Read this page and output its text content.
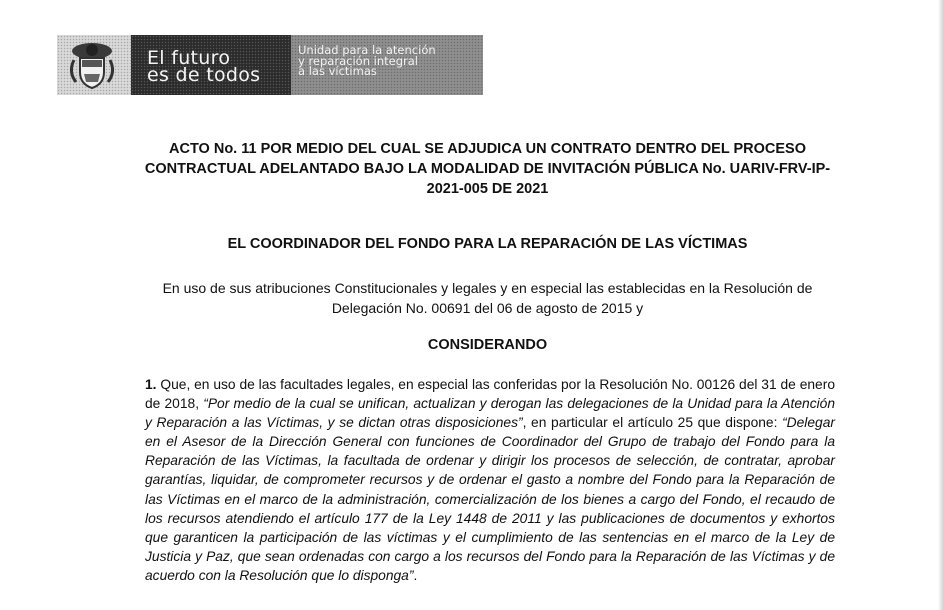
El futuro
es de todos
Unidad para la atención
y reparación integral
a las víctimas
ACTO No. 11 POR MEDIO DEL CUAL SE ADJUDICA UN CONTRATO DENTRO DEL PROCESO
CONTRACTUAL ADELANTADO BAJO LA MODALIDAD DE INVITACIÓN PÚBLICA No. UARIV-FRV-IP-
2021-005 DE 2021
EL COORDINADOR DEL FONDO PARA LA REPARACIÓN DE LAS VÍCTIMAS
En uso de sus atribuciones Constitucionales y legales y en especial las establecidas en la Resolución de
Delegación No. 00691 del 06 de agosto de 2015 y
CONSIDERANDO
1. Que, en uso de las facultades legales, en especial las conferidas por la Resolución No. 00126 del 31 de enero de 2018, “Por medio de la cual se unifican, actualizan y derogan las delegaciones de la Unidad para la Atención y Reparación a las Víctimas, y se dictan otras disposiciones”, en particular el artículo 25 que dispone: “Delegar en el Asesor de la Dirección General con funciones de Coordinador del Grupo de trabajo del Fondo para la Reparación de las Víctimas, la facultada de ordenar y dirigir los procesos de selección, de contratar, aprobar garantías, liquidar, de comprometer recursos y de ordenar el gasto a nombre del Fondo para la Reparación de las Víctimas en el marco de la administración, comercialización de los bienes a cargo del Fondo, el recaudo de los recursos atendiendo el artículo 177 de la Ley 1448 de 2011 y las publicaciones de documentos y exhortos que garanticen la participación de las víctimas y el cumplimiento de las sentencias en el marco de la Ley de Justicia y Paz, que sean ordenadas con cargo a los recursos del Fondo para la Reparación de las Víctimas y de acuerdo con la Resolución que lo disponga”.
